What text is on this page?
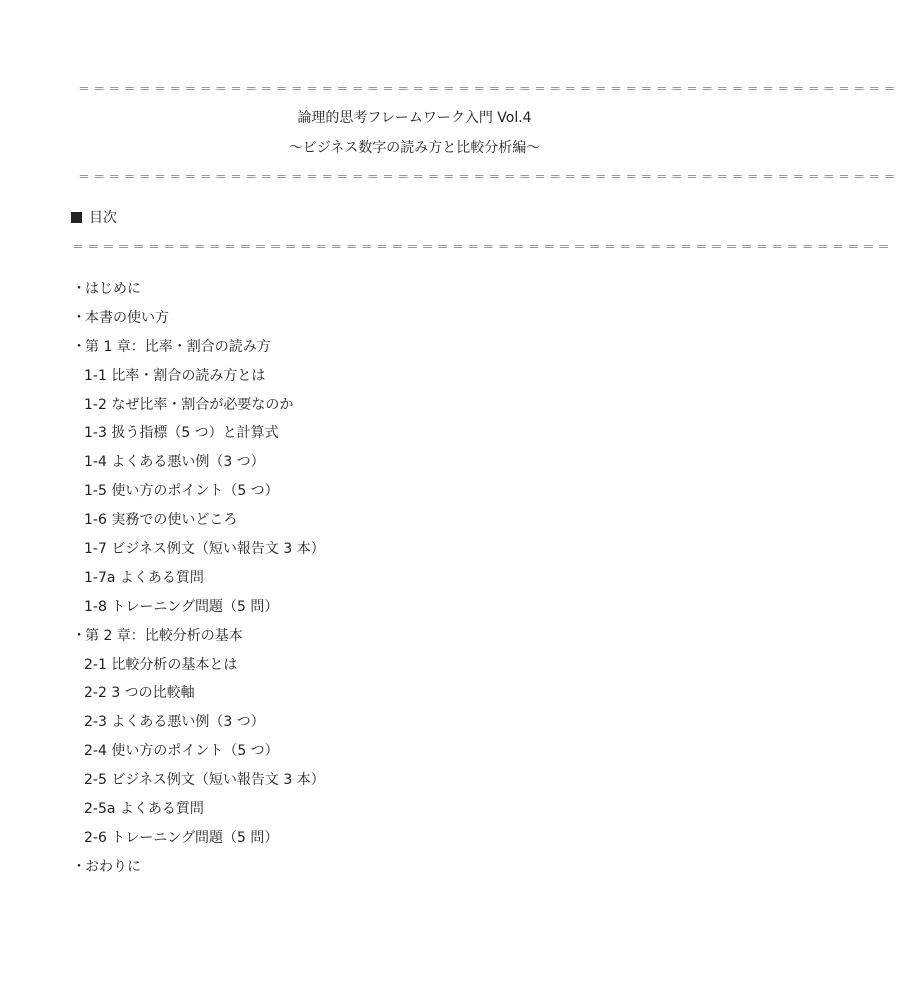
＝＝＝＝＝＝＝＝＝＝＝＝＝＝＝＝＝＝＝＝＝＝＝＝＝＝＝＝＝＝＝＝＝＝＝＝＝＝＝＝＝＝＝＝＝＝＝＝＝＝＝＝＝＝
論理的思考フレームワーク入門 Vol.4
～ビジネス数字の読み方と比較分析編～
＝＝＝＝＝＝＝＝＝＝＝＝＝＝＝＝＝＝＝＝＝＝＝＝＝＝＝＝＝＝＝＝＝＝＝＝＝＝＝＝＝＝＝＝＝＝＝＝＝＝＝＝＝＝
目次
＝＝＝＝＝＝＝＝＝＝＝＝＝＝＝＝＝＝＝＝＝＝＝＝＝＝＝＝＝＝＝＝＝＝＝＝＝＝＝＝＝＝＝＝＝＝＝＝＝＝＝＝＝＝
・はじめに
・本書の使い方
・第 1 章：比率・割合の読み方
1-1 比率・割合の読み方とは
1-2 なぜ比率・割合が必要なのか
1-3 扱う指標（5 つ）と計算式
1-4 よくある悪い例（3 つ）
1-5 使い方のポイント（5 つ）
1-6 実務での使いどころ
1-7 ビジネス例文（短い報告文 3 本）
1-7a よくある質問
1-8 トレーニング問題（5 問）
・第 2 章：比較分析の基本
2-1 比較分析の基本とは
2-2 3 つの比較軸
2-3 よくある悪い例（3 つ）
2-4 使い方のポイント（5 つ）
2-5 ビジネス例文（短い報告文 3 本）
2-5a よくある質問
2-6 トレーニング問題（5 問）
・おわりに
